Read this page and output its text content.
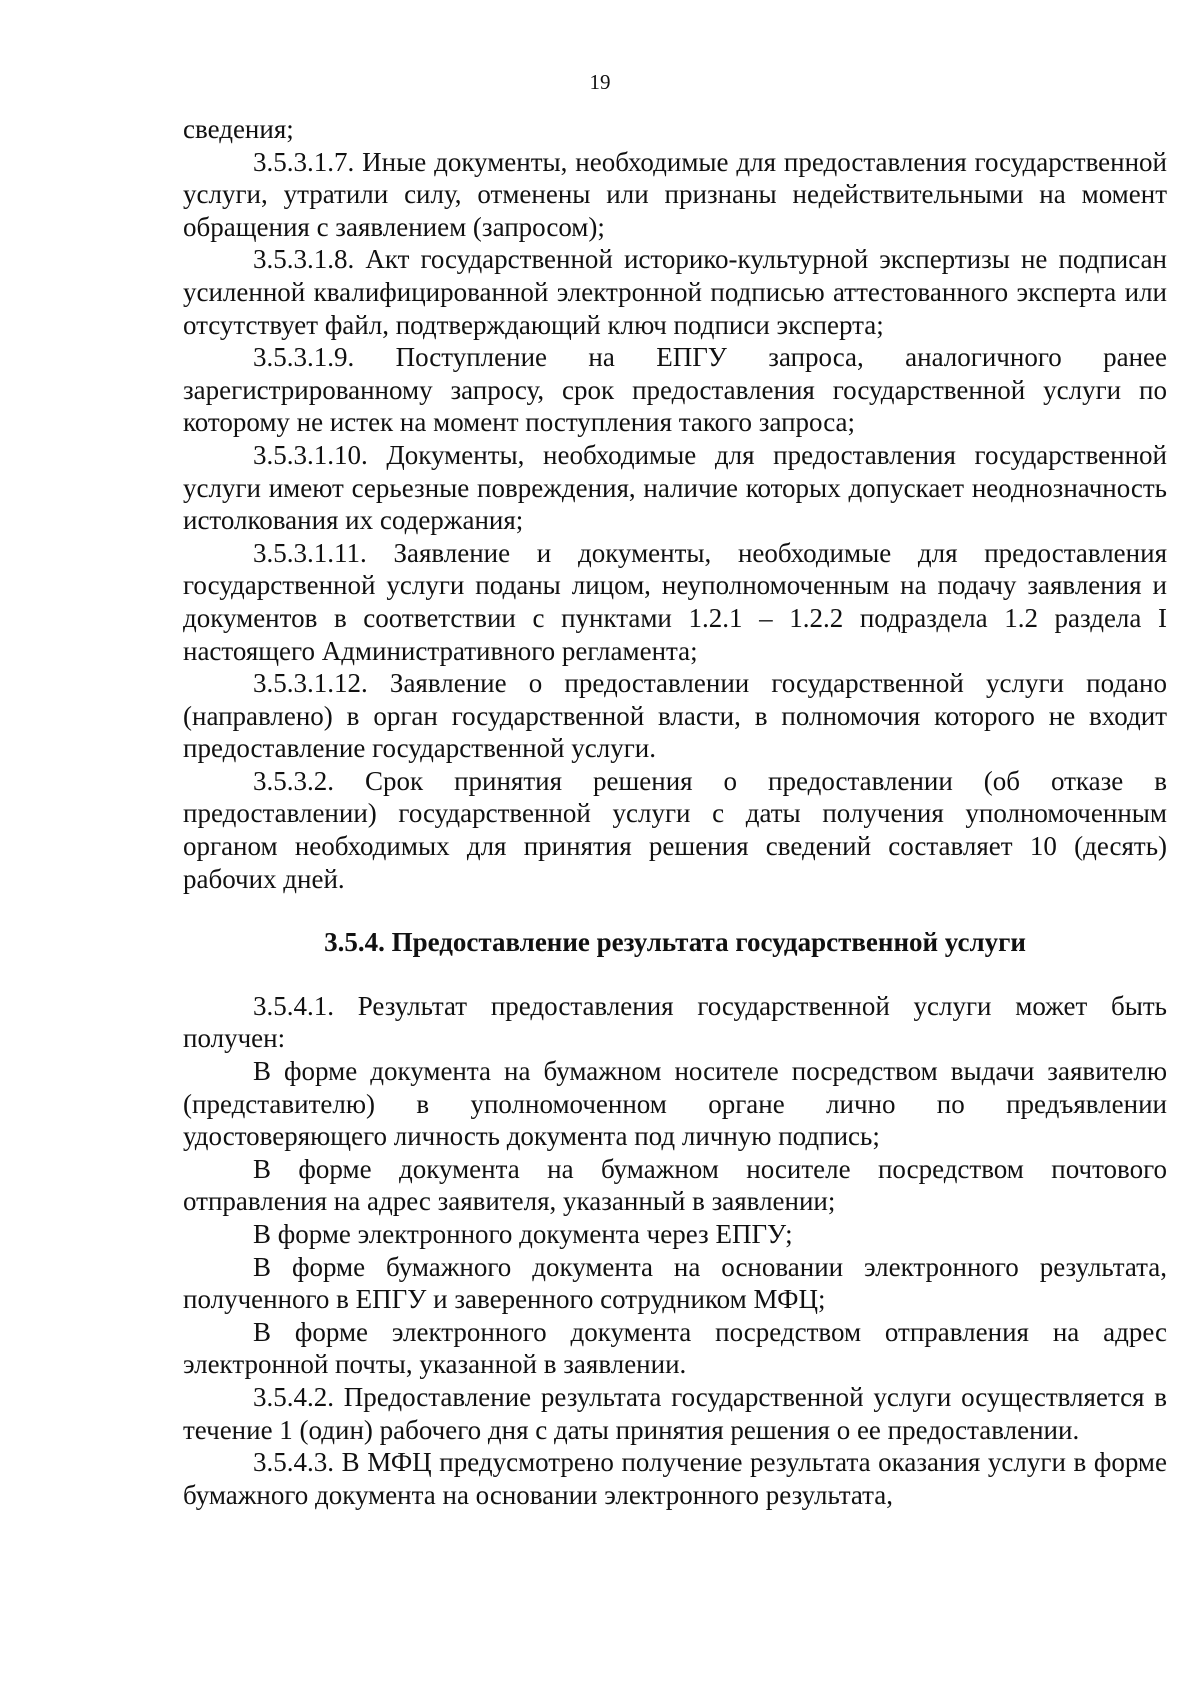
19

сведения;

3.5.3.1.7. Иные документы, необходимые для предоставления государственной услуги, утратили силу, отменены или признаны недействительными на момент обращения с заявлением (запросом);

3.5.3.1.8. Акт государственной историко-культурной экспертизы не подписан усиленной квалифицированной электронной подписью аттестованного эксперта или отсутствует файл, подтверждающий ключ подписи эксперта;

3.5.3.1.9. Поступление на ЕПГУ запроса, аналогичного ранее зарегистрированному запросу, срок предоставления государственной услуги по которому не истек на момент поступления такого запроса;

3.5.3.1.10. Документы, необходимые для предоставления государственной услуги имеют серьезные повреждения, наличие которых допускает неоднозначность истолкования их содержания;

3.5.3.1.11. Заявление и документы, необходимые для предоставления государственной услуги поданы лицом, неуполномоченным на подачу заявления и документов в соответствии с пунктами 1.2.1 – 1.2.2 подраздела 1.2 раздела I настоящего Административного регламента;

3.5.3.1.12. Заявление о предоставлении государственной услуги подано (направлено) в орган государственной власти, в полномочия которого не входит предоставление государственной услуги.

3.5.3.2. Срок принятия решения о предоставлении (об отказе в предоставлении) государственной услуги с даты получения уполномоченным органом необходимых для принятия решения сведений составляет 10 (десять) рабочих дней.

3.5.4. Предоставление результата государственной услуги

3.5.4.1. Результат предоставления государственной услуги может быть получен:

В форме документа на бумажном носителе посредством выдачи заявителю (представителю) в уполномоченном органе лично по предъявлении удостоверяющего личность документа под личную подпись;

В форме документа на бумажном носителе посредством почтового отправления на адрес заявителя, указанный в заявлении;

В форме электронного документа через ЕПГУ;

В форме бумажного документа на основании электронного результата, полученного в ЕПГУ и заверенного сотрудником МФЦ;

В форме электронного документа посредством отправления на адрес электронной почты, указанной в заявлении.

3.5.4.2. Предоставление результата государственной услуги осуществляется в течение 1 (один) рабочего дня с даты принятия решения о ее предоставлении.

3.5.4.3. В МФЦ предусмотрено получение результата оказания услуги в форме бумажного документа на основании электронного результата,
